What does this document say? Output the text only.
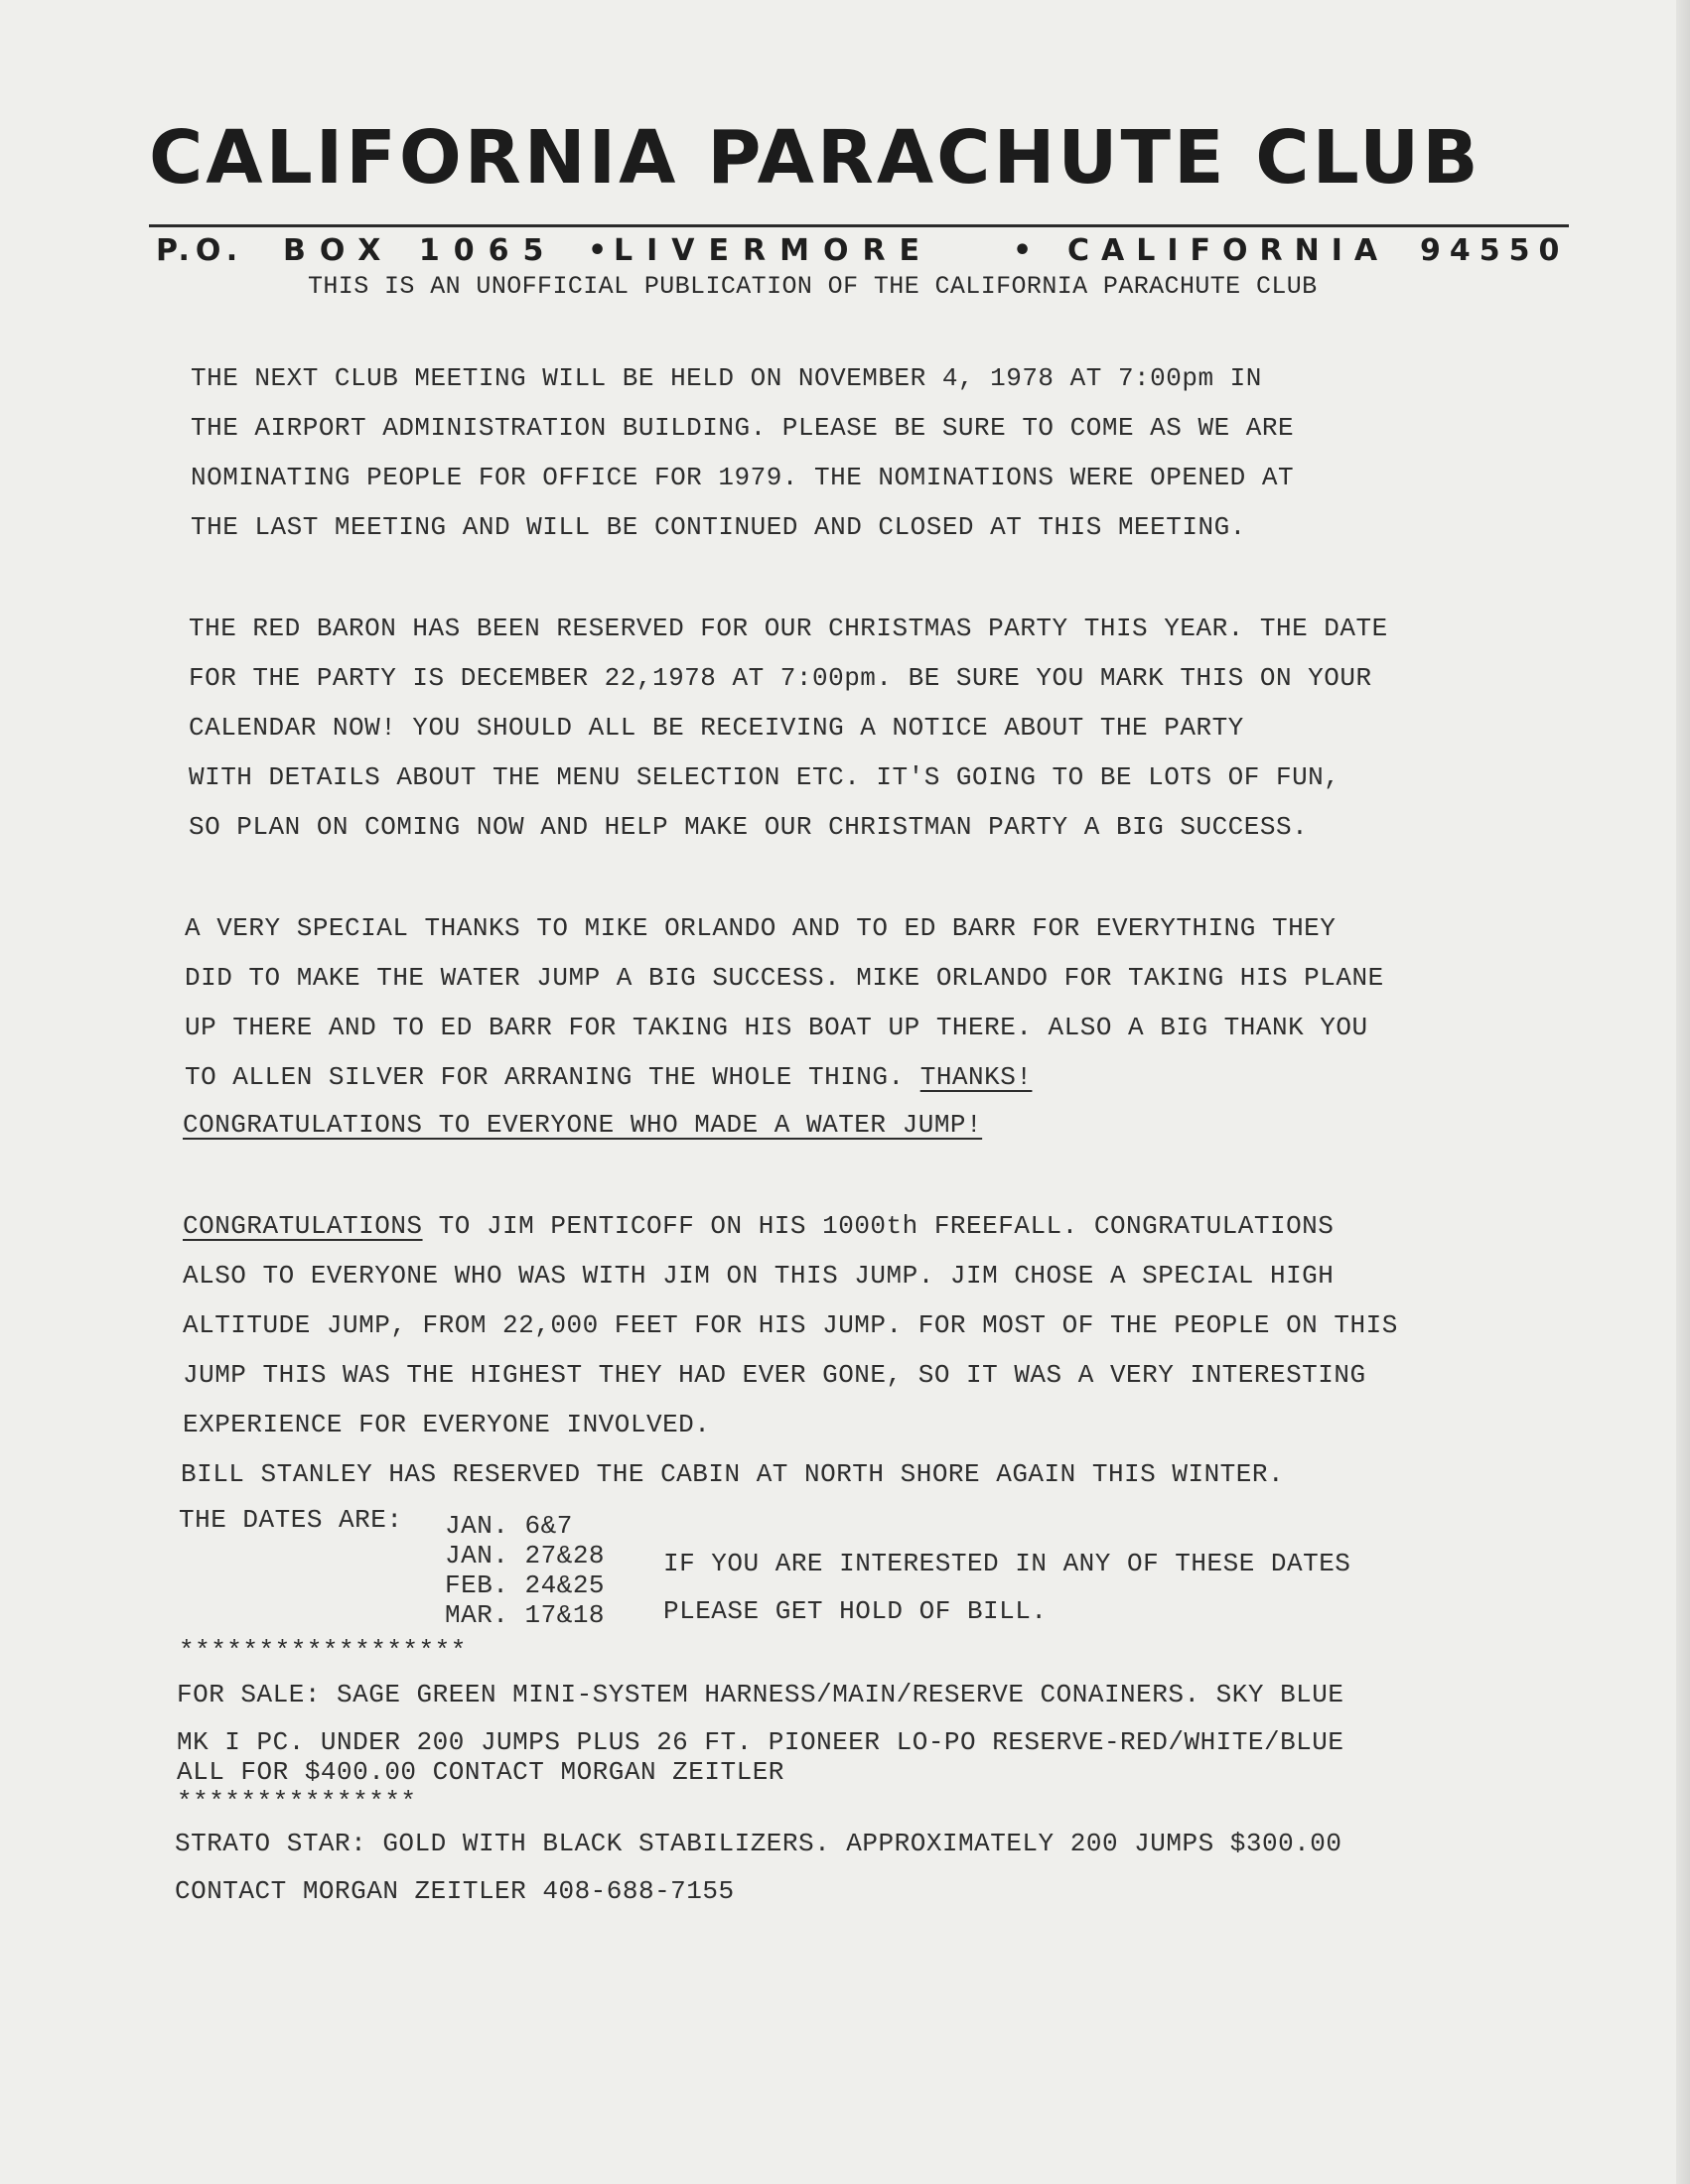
CALIFORNIA PARACHUTE CLUB
P.O. BOX 1065 • LIVERMORE	• CALIFORNIA 94550
THIS IS AN UNOFFICIAL PUBLICATION OF THE CALIFORNIA PARACHUTE CLUB
THE NEXT CLUB MEETING WILL BE HELD ON NOVEMBER 4, 1978 AT 7:00pm IN
THE AIRPORT ADMINISTRATION BUILDING. PLEASE BE SURE TO COME AS WE ARE
NOMINATING PEOPLE FOR OFFICE FOR 1979. THE NOMINATIONS WERE OPENED AT
THE LAST MEETING AND WILL BE CONTINUED AND CLOSED AT THIS MEETING.
THE RED BARON HAS BEEN RESERVED FOR OUR CHRISTMAS PARTY THIS YEAR. THE DATE
FOR THE PARTY IS DECEMBER 22,1978 AT 7:00pm. BE SURE YOU MARK THIS ON YOUR
CALENDAR NOW! YOU SHOULD ALL BE RECEIVING A NOTICE ABOUT THE PARTY
WITH DETAILS ABOUT THE MENU SELECTION ETC. IT'S GOING TO BE LOTS OF FUN,
SO PLAN ON COMING NOW AND HELP MAKE OUR CHRISTMAN PARTY A BIG SUCCESS.
A VERY SPECIAL THANKS TO MIKE ORLANDO AND TO ED BARR FOR EVERYTHING THEY
DID TO MAKE THE WATER JUMP A BIG SUCCESS. MIKE ORLANDO FOR TAKING HIS PLANE
UP THERE AND TO ED BARR FOR TAKING HIS BOAT UP THERE. ALSO A BIG THANK YOU
TO ALLEN SILVER FOR ARRANING THE WHOLE THING. THANKS!
CONGRATULATIONS TO EVERYONE WHO MADE A WATER JUMP!
CONGRATULATIONS TO JIM PENTICOFF ON HIS 1000th FREEFALL. CONGRATULATIONS
ALSO TO EVERYONE WHO WAS WITH JIM ON THIS JUMP. JIM CHOSE A SPECIAL HIGH
ALTITUDE JUMP, FROM 22,000 FEET FOR HIS JUMP. FOR MOST OF THE PEOPLE ON THIS
JUMP THIS WAS THE HIGHEST THEY HAD EVER GONE, SO IT WAS A VERY INTERESTING
EXPERIENCE FOR EVERYONE INVOLVED.
BILL STANLEY HAS RESERVED THE CABIN AT NORTH SHORE AGAIN THIS WINTER.
THE DATES ARE: JAN. 6&7
JAN. 27&28
FEB. 24&25
MAR. 17&18
IF YOU ARE INTERESTED IN ANY OF THESE DATES
PLEASE GET HOLD OF BILL.
******************
FOR SALE: SAGE GREEN MINI-SYSTEM HARNESS/MAIN/RESERVE CONAINERS. SKY BLUE
MK I PC. UNDER 200 JUMPS PLUS 26 FT. PIONEER LO-PO RESERVE-RED/WHITE/BLUE
ALL FOR $400.00 CONTACT MORGAN ZEITLER
***************
STRATO STAR: GOLD WITH BLACK STABILIZERS. APPROXIMATELY 200 JUMPS $300.00
CONTACT MORGAN ZEITLER 408-688-7155
